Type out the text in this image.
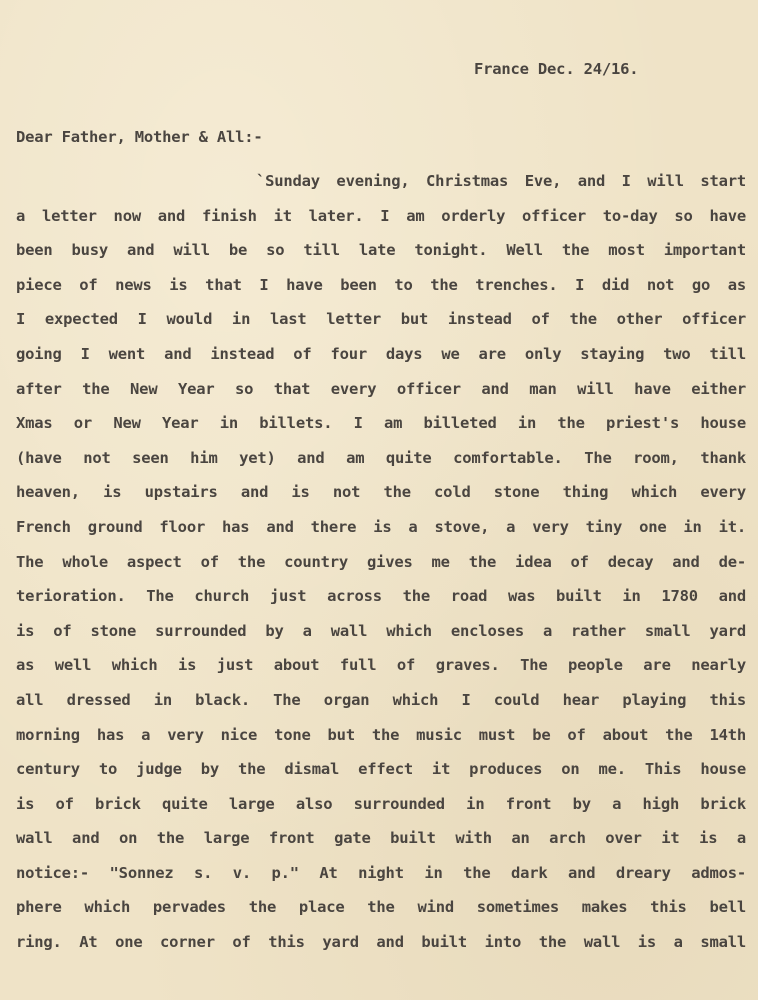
France Dec. 24/16.
Dear Father, Mother & All:-
`Sunday evening, Christmas Eve, and I will start
a letter now and finish it later. I am orderly officer to-day so have
been busy and will be so till late tonight. Well the most important
piece of news is that I have been to the trenches. I did not go as
I expected I would in last letter but instead of the other officer
going I went and instead of four days we are only staying two till
after the New Year so that every officer and man will have either
Xmas or New Year in billets. I am billeted in the priest's house
(have not seen him yet) and am quite comfortable. The room, thank
heaven, is upstairs and is not the cold stone thing which every
French ground floor has and there is a stove, a very tiny one in it.
The whole aspect of the country gives me the idea of decay and de-
terioration. The church just across the road was built in 1780 and
is of stone surrounded by a wall which encloses a rather small yard
as well which is just about full of graves. The people are nearly
all dressed in black. The organ which I could hear playing this
morning has a very nice tone but the music must be of about the 14th
century to judge by the dismal effect it produces on me. This house
is of brick quite large also surrounded in front by a high brick
wall and on the large front gate built with an arch over it is a
notice:- "Sonnez s. v. p." At night in the dark and dreary admos-
phere which pervades the place the wind sometimes makes this bell
ring. At one corner of this yard and built into the wall is a small
